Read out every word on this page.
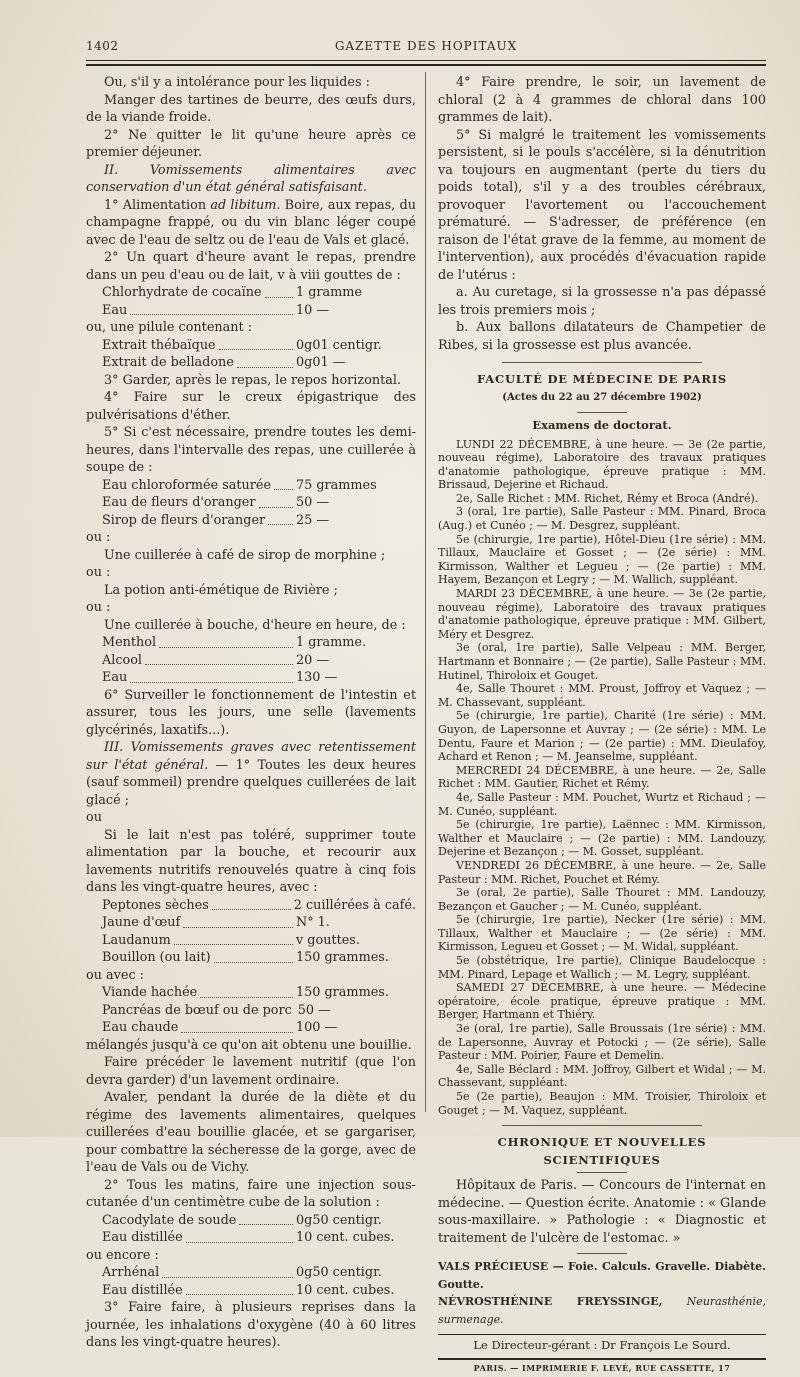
1402	GAZETTE DES HOPITAUX

Ou, s'il y a intolérance pour les liquides :

Manger des tartines de beurre, des œufs durs, de la viande froide.

2° Ne quitter le lit qu'une heure après ce premier déjeuner.

II. Vomissements alimentaires avec conservation d'un état général satisfaisant.

1° Alimentation ad libitum. Boire, aux repas, du champagne frappé, ou du vin blanc léger coupé avec de l'eau de seltz ou de l'eau de Vals et glacé.

2° Un quart d'heure avant le repas, prendre dans un peu d'eau ou de lait, v à viii gouttes de :

Chlorhydrate de cocaïne	1 gramme
Eau	10 —

ou, une pilule contenant :

Extrait thébaïque	0g01 centigr.
Extrait de belladone	0g01 —

3° Garder, après le repas, le repos horizontal.

4° Faire sur le creux épigastrique des pulvérisations d'éther.

5° Si c'est nécessaire, prendre toutes les demi-heures, dans l'intervalle des repas, une cuillerée à soupe de :

Eau chloroformée saturée 75 grammes
Eau de fleurs d'oranger	50 —
Sirop de fleurs d'oranger 25 —

ou :

Une cuillerée à café de sirop de morphine ;

ou :

La potion anti-émétique de Rivière ;

ou :

Une cuillerée à bouche, d'heure en heure, de :

Menthol	1 gramme.
Alcool	20 —
Eau	130 —

6° Surveiller le fonctionnement de l'intestin et assurer, tous les jours, une selle (lavements glycérinés, laxatifs...).

III. Vomissements graves avec retentissement sur l'état général. — 1° Toutes les deux heures (sauf sommeil) prendre quelques cuillerées de lait glacé ;

ou

Si le lait n'est pas toléré, supprimer toute alimentation par la bouche, et recourir aux lavements nutritifs renouvelés quatre à cinq fois dans les vingt-quatre heures, avec :

Peptones sèches	2 cuillérées à café.
Jaune d'œuf	N° 1.
Laudanum	v gouttes.
Bouillon (ou lait)	150 grammes.

ou avec :

Viande hachée	150 grammes.
Pancréas de bœuf ou de porc 50 —
Eau chaude	100 —

mélangés jusqu'à ce qu'on ait obtenu une bouillie.

Faire précéder le lavement nutritif (que l'on devra garder) d'un lavement ordinaire.

Avaler, pendant la durée de la diète et du régime des lavements alimentaires, quelques cuillerées d'eau bouillie glacée, et se gargariser, pour combattre la sécheresse de la gorge, avec de l'eau de Vals ou de Vichy.

2° Tous les matins, faire une injection sous-cutanée d'un centimètre cube de la solution :

Cacodylate de soude	0g50 centigr.
Eau distillée	10 cent. cubes.

ou encore :

Arrhénal	0g50 centigr.
Eau distillée	10 cent. cubes.

3° Faire faire, à plusieurs reprises dans la journée, les inhalations d'oxygène (40 à 60 litres dans les vingt-quatre heures).

4° Faire prendre, le soir, un lavement de chloral (2 à 4 grammes de chloral dans 100 grammes de lait).

5° Si malgré le traitement les vomissements persistent, si le pouls s'accélère, si la dénutrition va toujours en augmentant (perte du tiers du poids total), s'il y a des troubles cérébraux, provoquer l'avortement ou l'accouchement prématuré. — S'adresser, de préférence (en raison de l'état grave de la femme, au moment de l'intervention), aux procédés d'évacuation rapide de l'utérus :

a. Au curetage, si la grossesse n'a pas dépassé les trois premiers mois ;

b. Aux ballons dilatateurs de Champetier de Ribes, si la grossesse est plus avancée.

FACULTÉ DE MÉDECINE DE PARIS
(Actes du 22 au 27 décembre 1902)
Examens de doctorat.

LUNDI 22 DÉCEMBRE, à une heure. — 3e (2e partie, nouveau régime), Laboratoire des travaux pratiques d'anatomie pathologique, épreuve pratique : MM. Brissaud, Dejerine et Richaud.

2e, Salle Richet : MM. Richet, Rémy et Broca (André).

3 (oral, 1re partie), Salle Pasteur : MM. Pinard, Broca (Aug.) et Cunéo ; — M. Desgrez, suppléant.

5e (chirurgie, 1re partie), Hôtel-Dieu (1re série) : MM. Tillaux, Mauclaire et Gosset ; — (2e série) : MM. Kirmisson, Walther et Legueu ; — (2e partie) : MM. Hayem, Bezançon et Legry ; — M. Wallich, suppléant.

MARDI 23 DÉCEMBRE, à une heure. — 3e (2e partie, nouveau régime), Laboratoire des travaux pratiques d'anatomie pathologique, épreuve pratique : MM. Gilbert, Méry et Desgrez.

3e (oral, 1re partie), Salle Velpeau : MM. Berger, Hartmann et Bonnaire ; — (2e partie), Salle Pasteur : MM. Hutinel, Thiroloix et Gouget.

4e, Salle Thouret : MM. Proust, Joffroy et Vaquez ; — M. Chassevant, suppléant.

5e (chirurgie, 1re partie), Charité (1re série) : MM. Guyon, de Lapersonne et Auvray ; — (2e série) : MM. Le Dentu, Faure et Marion ; — (2e partie) : MM. Dieulafoy, Achard et Renon ; — M. Jeanselme, suppléant.

MERCREDI 24 DÉCEMBRE, à une heure. — 2e, Salle Richet : MM. Gautier, Richet et Rémy.

4e, Salle Pasteur : MM. Pouchet, Wurtz et Richaud ; — M. Cunéo, suppléant.

5e (chirurgie, 1re partie), Laënnec : MM. Kirmisson, Walther et Mauclaire ; — (2e partie) : MM. Landouzy, Dejerine et Bezançon ; — M. Gosset, suppléant.

VENDREDI 26 DÉCEMBRE, à une heure. — 2e, Salle Pasteur : MM. Richet, Pouchet et Rémy.

3e (oral, 2e partie), Salle Thouret : MM. Landouzy, Bezançon et Gaucher ; — M. Cunéo, suppléant.

5e (chirurgie, 1re partie), Necker (1re série) : MM. Tillaux, Walther et Mauclaire ; — (2e série) : MM. Kirmisson, Legueu et Gosset ; — M. Widal, suppléant.

5e (obstétrique, 1re partie), Clinique Baudelocque : MM. Pinard, Lepage et Wallich ; — M. Legry, suppléant.

SAMEDI 27 DÉCEMBRE, à une heure. — Médecine opératoire, école pratique, épreuve pratique : MM. Berger, Hartmann et Thiéry.

3e (oral, 1re partie), Salle Broussais (1re série) : MM. de Lapersonne, Auvray et Potocki ; — (2e série), Salle Pasteur : MM. Poirier, Faure et Demelin.

4e, Salle Béclard : MM. Joffroy, Gilbert et Widal ; — M. Chassevant, suppléant.

5e (2e partie), Beaujon : MM. Troisier, Thiroloix et Gouget ; — M. Vaquez, suppléant.

CHRONIQUE ET NOUVELLES SCIENTIFIQUES

Hôpitaux de Paris. — Concours de l'internat en médecine. — Question écrite. Anatomie : « Glande sous-maxillaire. » Pathologie : « Diagnostic et traitement de l'ulcère de l'estomac. »

VALS PRÉCIEUSE — Foie. Calculs. Gravelle. Diabète. Goutte.

NÉVROSTHÉNINE FREYSSINGE, Neurasthénie, surmenage.

Le Directeur-gérant : Dr François Le Sourd.

PARIS. — IMPRIMERIE F. LEVÉ, RUE CASSETTE, 17
